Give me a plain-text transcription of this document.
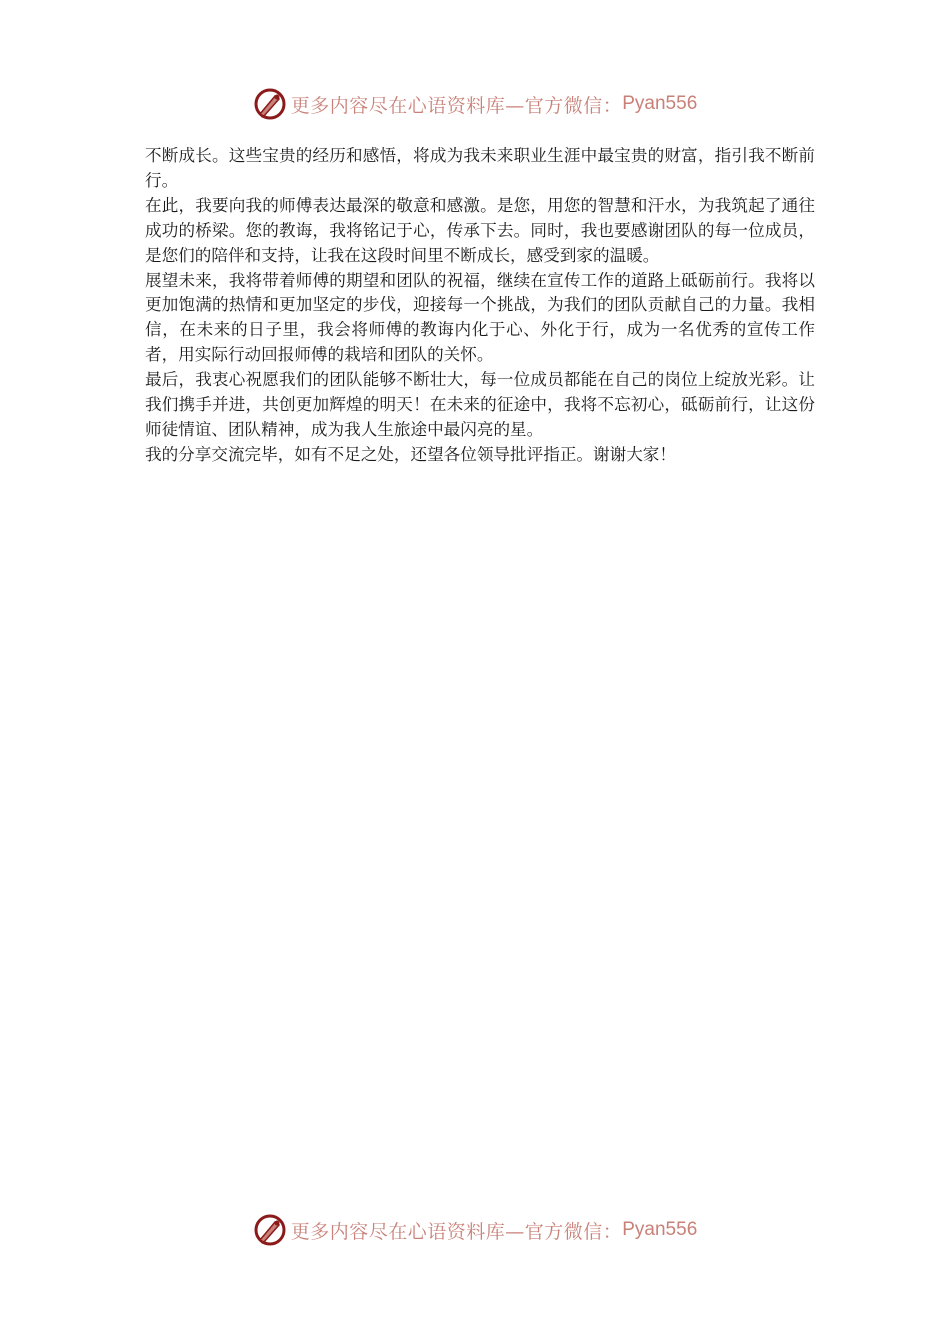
更多内容尽在心语资料库—官方微信： Pyan556

不断成长。这些宝贵的经历和感悟，将成为我未来职业生涯中最宝贵的财富，指引我不断前行。

在此，我要向我的师傅表达最深的敬意和感激。是您，用您的智慧和汗水，为我筑起了通往成功的桥梁。您的教诲，我将铭记于心，传承下去。同时，我也要感谢团队的每一位成员，是您们的陪伴和支持，让我在这段时间里不断成长，感受到家的温暖。

展望未来，我将带着师傅的期望和团队的祝福，继续在宣传工作的道路上砥砺前行。我将以更加饱满的热情和更加坚定的步伐，迎接每一个挑战，为我们的团队贡献自己的力量。我相信，在未来的日子里，我会将师傅的教诲内化于心、外化于行，成为一名优秀的宣传工作者，用实际行动回报师傅的栽培和团队的关怀。

最后，我衷心祝愿我们的团队能够不断壮大，每一位成员都能在自己的岗位上绽放光彩。让我们携手并进，共创更加辉煌的明天！在未来的征途中，我将不忘初心，砥砺前行，让这份师徒情谊、团队精神，成为我人生旅途中最闪亮的星。

我的分享交流完毕，如有不足之处，还望各位领导批评指正。谢谢大家！

更多内容尽在心语资料库—官方微信： Pyan556
